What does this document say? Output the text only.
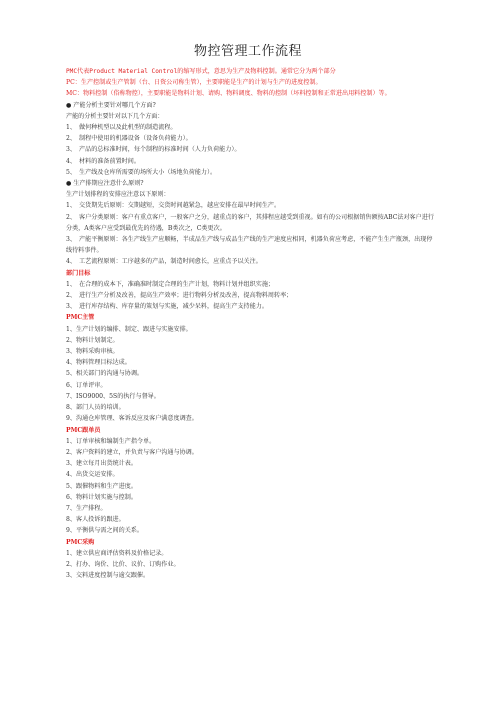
物控管理工作流程
PMC代表Product Material Control的缩写形式，意思为生产及物料控制。通常它分为两个部分
PC：生产控制或生产管制（台、日资公司称生管），主要职能是生产的计划与生产的进度控制。
MC：物料控制（俗称物控），主要职能是物料计划、请购、物料调度、物料的控制（坏料控制和正常进出用料控制）等。
● 产能分析主要针对哪几个方面?
产能的分析主要针对以下几个方面：
1、　做何种机型以及此机型的制造流程。
2、　制程中使用的机器设备（设备负荷能力）。
3、　产品的总标准时间，每个制程的标准时间（人力负荷能力）。
4、　材料的准备前置时间。
5、　生产线及仓库所需要的场所大小（场地负荷能力）。
● 生产排期应注意什么原则?
生产计划排程的安排应注意以下原则：
1、　交货期先后原则：交期越短，交货时间越紧急，越应安排在最早时间生产。
2、　客户分类原则：客户有重点客户，一般客户之分，越重点的客户，其排程应越受到重视。如有的公司根据销售额按ABC法对客户进行分类，A类客户应受到最优先的待遇，B类次之，C类更次。
3、　产能平衡原则：各生产线生产应顺畅，半成品生产线与成品生产线的生产速度应相同，机器负荷应考虑，不能产生生产瓶颈，出现停线待料事件。
4、　工艺流程原则：工序越多的产品，制造时间愈长，应重点予以关注。
部门目标
1、　在合理的成本下，准确准时制定合理的生产计划，物料计划并组织实施；
2、　进行生产分析及改善，提高生产效率；进行物料分析及改善，提高物料周转率；
3、　进行库存结构、库存量的策划与实施，减少呆料，提高生产支持能力。
PMC主管
1、生产计划的编排、制定、跟进与实施安排。
2、物料计划制定。
3、物料采购审核。
4、物料管理目标达成。
5、相关部门的沟通与协调。
6、订单评审。
7、ISO9000、5S的执行与督导。
8、部门人员的培训。
9、沟通仓库管理、客诉反应及客户满意度调查。
PMC跟单员
1、订单审核和编制生产指令单。
2、客户资料的建立，并负责与客户沟通与协调。
3、建立每月出货统计表。
4、出货交运安排。
5、跟催物料和生产进度。
6、物料计划实施与控制。
7、生产排程。
8、客人投诉的跟进。
9、平衡供与需之间的关系。
PMC采购
1、建立供应商评估资料及价格记录。
2、打办、询价、比价、议价、订购作业。
3、交料进度控制与逾交跟催。
